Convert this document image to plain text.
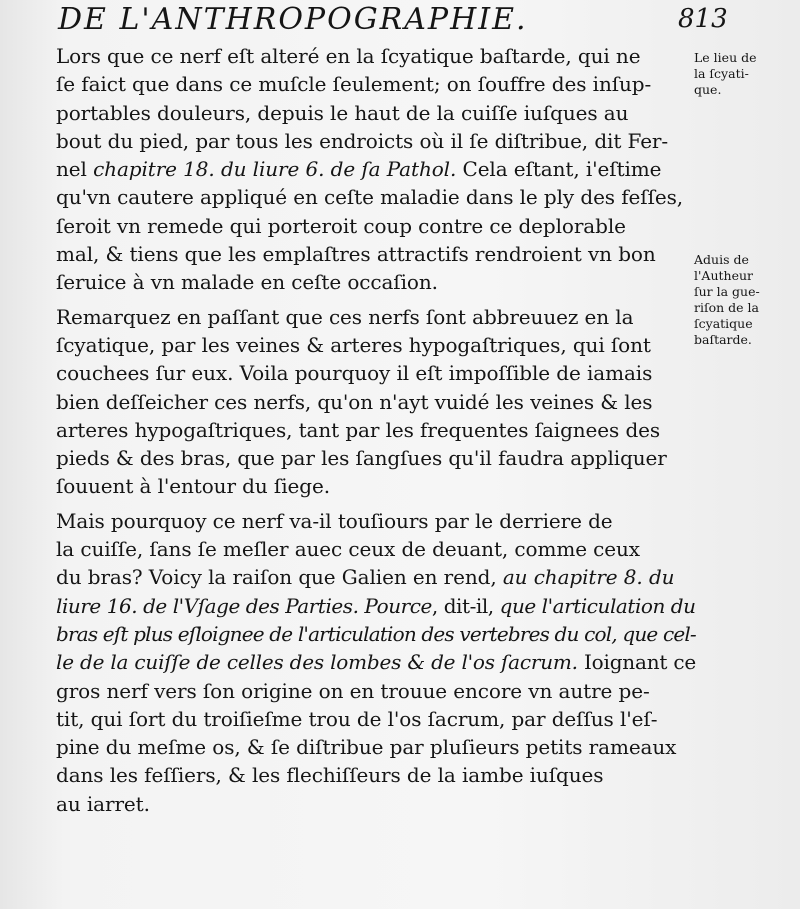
DE L'ANTHROPOGRAPHIE.	813
Lors que ce nerf eſt alteré en la ſcyatique baſtarde, qui ne
ſe faict que dans ce muſcle ſeulement; on ſouffre des inſup-
portables douleurs, depuis le haut de la cuiſſe iuſques au
bout du pied, par tous les endroicts où il ſe diſtribue, dit Fer-
nel chapitre 18. du liure 6. de ſa Pathol. Cela eſtant, i'eſtime
qu'vn cautere appliqué en ceſte maladie dans le ply des feſſes,
ſeroit vn remede qui porteroit coup contre ce deplorable
mal, & tiens que les emplaſtres attractifs rendroient vn bon
ſeruice à vn malade en ceſte occaſion.
Remarquez en paſſant que ces nerfs ſont abbreuuez en la
ſcyatique, par les veines & arteres hypogaſtriques, qui ſont
couchees ſur eux. Voila pourquoy il eſt impoſſible de iamais
bien deſſeicher ces nerfs, qu'on n'ayt vuidé les veines & les
arteres hypogaſtriques, tant par les frequentes ſaignees des
pieds & des bras, que par les ſangſues qu'il faudra appliquer
ſouuent à l'entour du ſiege.
Mais pourquoy ce nerf va-il touſiours par le derriere de
la cuiſſe, ſans ſe meſler auec ceux de deuant, comme ceux
du bras? Voicy la raiſon que Galien en rend, au chapitre 8. du
liure 16. de l'Vſage des Parties. Pource, dit-il, que l'articulation du
bras eſt plus eſloignee de l'articulation des vertebres du col, que cel-
le de la cuiſſe de celles des lombes & de l'os ſacrum. Ioignant ce
gros nerf vers ſon origine on en trouue encore vn autre pe-
tit, qui ſort du troiſieſme trou de l'os ſacrum, par deſſus l'eſ-
pine du meſme os, & ſe diſtribue par pluſieurs petits rameaux
dans les feſſiers, & les flechiſſeurs de la iambe iuſques
au iarret.
Le lieu de
la ſcyati-
que.
Aduis de
l'Autheur
ſur la gue-
riſon de la
ſcyatique
baſtarde.
